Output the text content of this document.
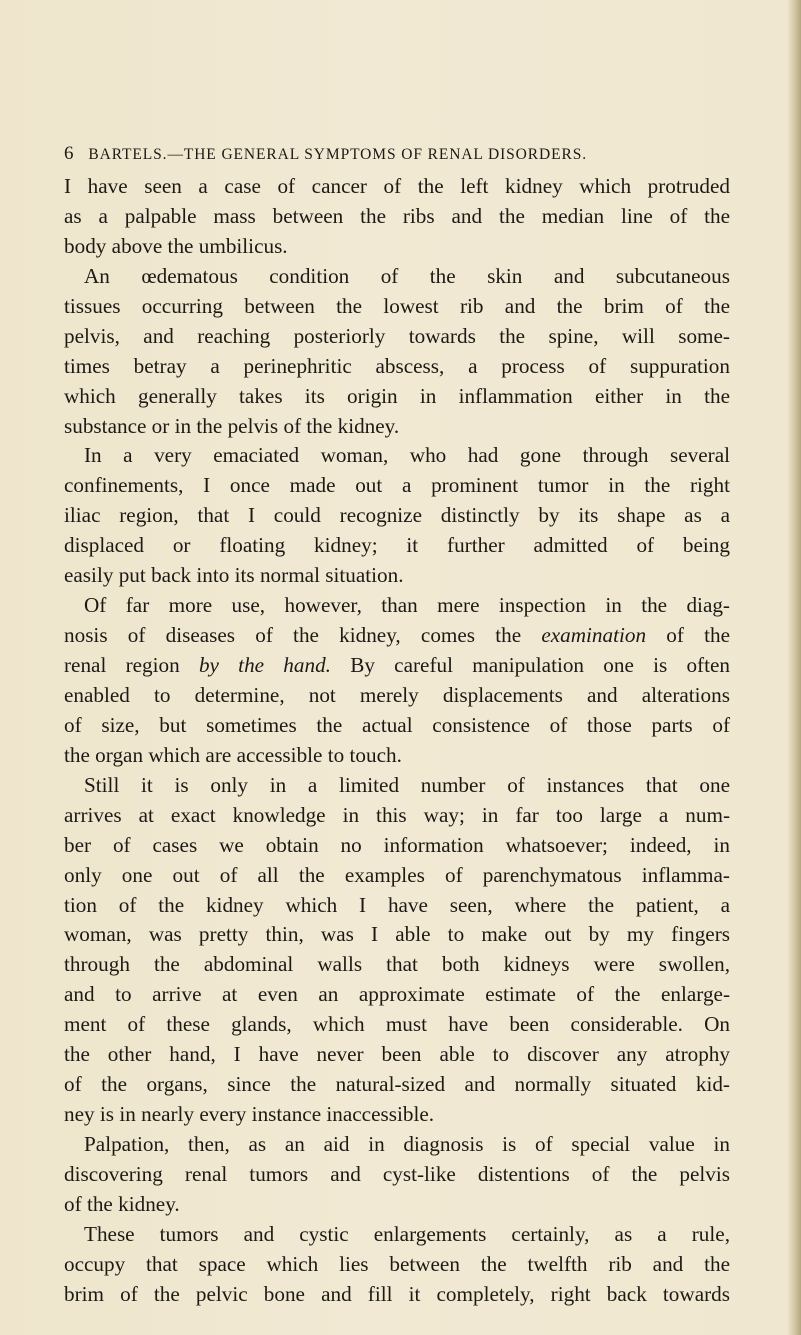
6 BARTELS.—THE GENERAL SYMPTOMS OF RENAL DISORDERS.
I have seen a case of cancer of the left kidney which protruded
as a palpable mass between the ribs and the median line of the
body above the umbilicus.
An œdematous condition of the skin and subcutaneous
tissues occurring between the lowest rib and the brim of the
pelvis, and reaching posteriorly towards the spine, will some-
times betray a perinephritic abscess, a process of suppuration
which generally takes its origin in inflammation either in the
substance or in the pelvis of the kidney.
In a very emaciated woman, who had gone through several
confinements, I once made out a prominent tumor in the right
iliac region, that I could recognize distinctly by its shape as a
displaced or floating kidney; it further admitted of being
easily put back into its normal situation.
Of far more use, however, than mere inspection in the diag-
nosis of diseases of the kidney, comes the examination of the
renal region by the hand. By careful manipulation one is often
enabled to determine, not merely displacements and alterations
of size, but sometimes the actual consistence of those parts of
the organ which are accessible to touch.
Still it is only in a limited number of instances that one
arrives at exact knowledge in this way; in far too large a num-
ber of cases we obtain no information whatsoever; indeed, in
only one out of all the examples of parenchymatous inflamma-
tion of the kidney which I have seen, where the patient, a
woman, was pretty thin, was I able to make out by my fingers
through the abdominal walls that both kidneys were swollen,
and to arrive at even an approximate estimate of the enlarge-
ment of these glands, which must have been considerable. On
the other hand, I have never been able to discover any atrophy
of the organs, since the natural-sized and normally situated kid-
ney is in nearly every instance inaccessible.
Palpation, then, as an aid in diagnosis is of special value in
discovering renal tumors and cyst-like distentions of the pelvis
of the kidney.
These tumors and cystic enlargements certainly, as a rule,
occupy that space which lies between the twelfth rib and the
brim of the pelvic bone and fill it completely, right back towards
